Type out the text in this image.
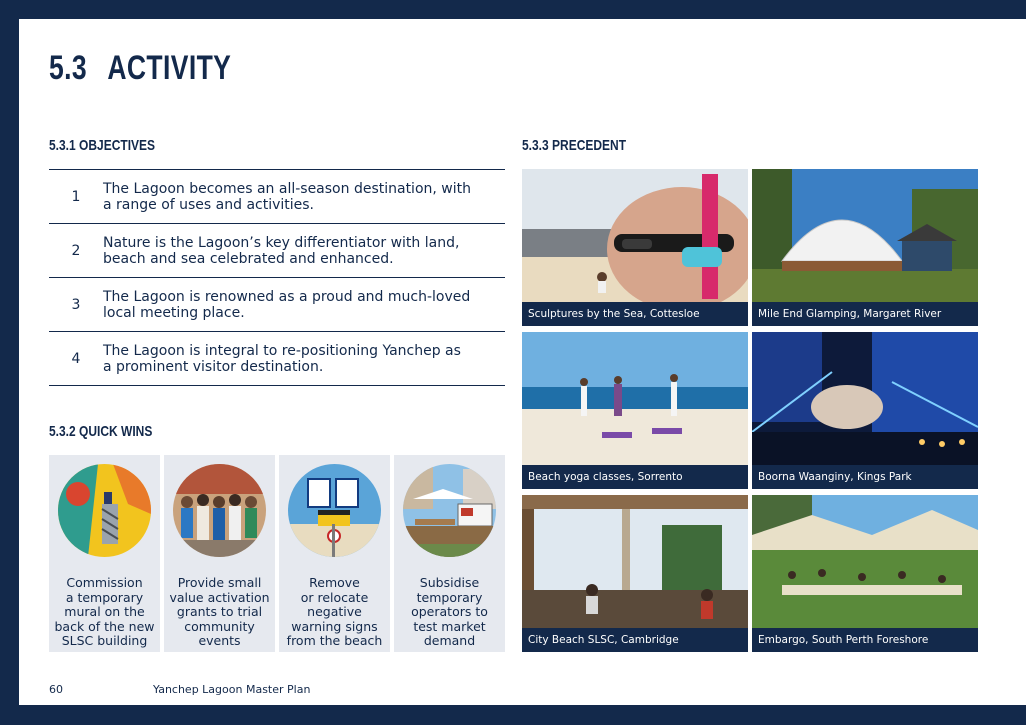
5.3 ACTIVITY
5.3.1 OBJECTIVES
1	The Lagoon becomes an all-season destination, with a range of uses and activities.
2	Nature is the Lagoon’s key differentiator with land, beach and sea celebrated and enhanced.
3	The Lagoon is renowned as a proud and much-loved local meeting place.
4	The Lagoon is integral to re-positioning Yanchep as a prominent visitor destination.
5.3.2 QUICK WINS
Commission
a temporary
mural on the
back of the new
SLSC building
Provide small
value activation
grants to trial
community
events
Remove
or relocate
negative
warning signs
from the beach
Subsidise
temporary
operators to
test market
demand
5.3.3 PRECEDENT
Sculptures by the Sea, Cottesloe	Mile End Glamping, Margaret River
Beach yoga classes, Sorrento	Boorna Waanginy, Kings Park
City Beach SLSC, Cambridge	Embargo, South Perth Foreshore
60	Yanchep Lagoon Master Plan
